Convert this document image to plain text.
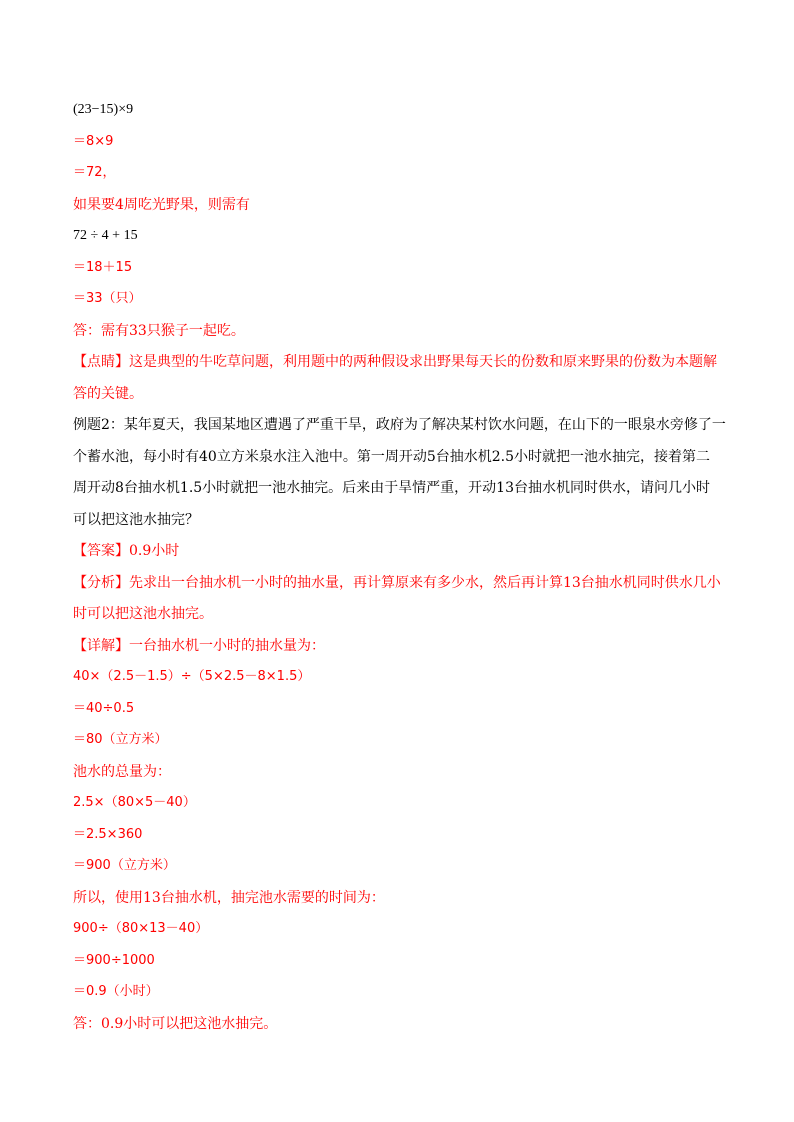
(23−15)×9
＝8×9
＝72，
如果要4周吃光野果，则需有
72 ÷ 4 + 15
＝18＋15
＝33（只）
答：需有33只猴子一起吃。
【点睛】这是典型的牛吃草问题，利用题中的两种假设求出野果每天长的份数和原来野果的份数为本题解
答的关键。
例题2：某年夏天，我国某地区遭遇了严重干旱，政府为了解决某村饮水问题，在山下的一眼泉水旁修了一
个蓄水池，每小时有40立方米泉水注入池中。第一周开动5台抽水机2.5小时就把一池水抽完，接着第二
周开动8台抽水机1.5小时就把一池水抽完。后来由于旱情严重，开动13台抽水机同时供水，请问几小时
可以把这池水抽完？
【答案】0.9小时
【分析】先求出一台抽水机一小时的抽水量，再计算原来有多少水，然后再计算13台抽水机同时供水几小
时可以把这池水抽完。
【详解】一台抽水机一小时的抽水量为：
40×（2.5－1.5）÷（5×2.5－8×1.5）
＝40÷0.5
＝80（立方米）
池水的总量为：
2.5×（80×5－40）
＝2.5×360
＝900（立方米）
所以，使用13台抽水机，抽完池水需要的时间为：
900÷（80×13－40）
＝900÷1000
＝0.9（小时）
答：0.9小时可以把这池水抽完。
